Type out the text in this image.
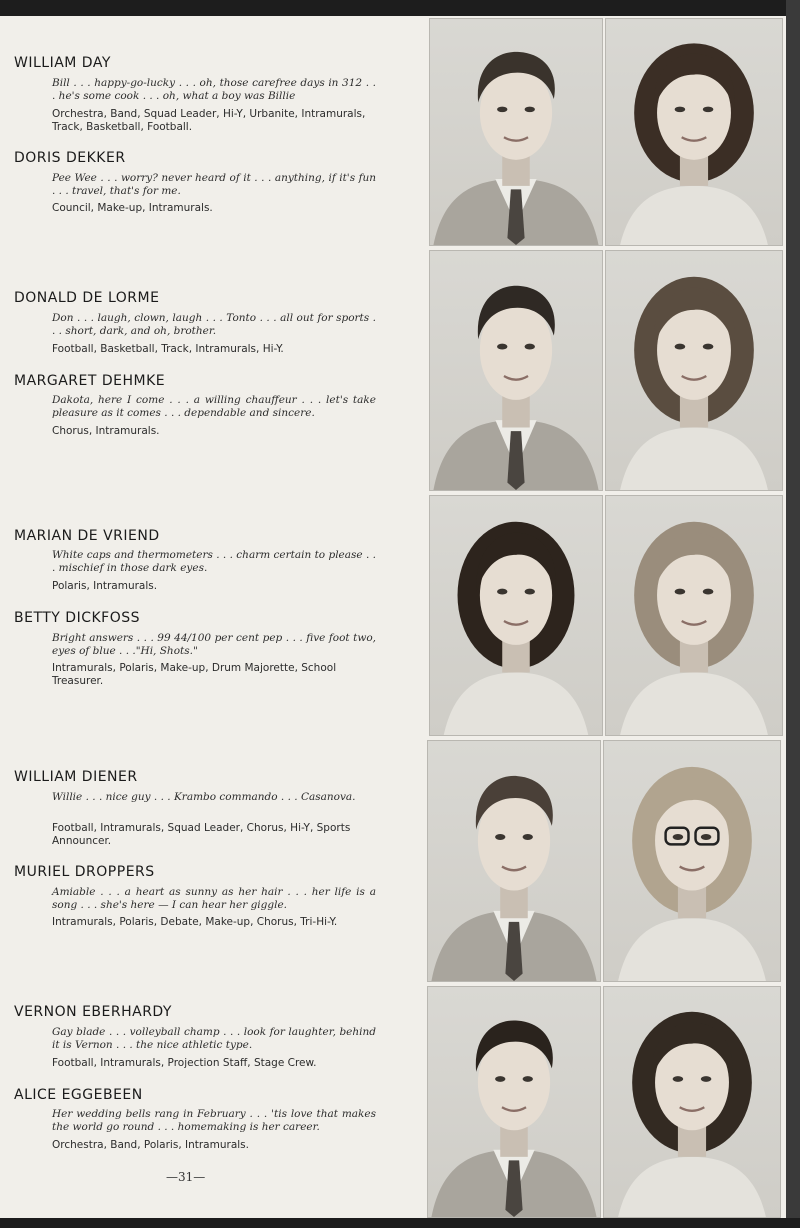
WILLIAM DAY
Bill . . . happy-go-lucky . . . oh, those carefree days in 312 . . . he's some cook . . . oh, what a boy was Billie
Orchestra, Band, Squad Leader, Hi-Y, Urbanite, Intramurals, Track, Basketball, Football.
DORIS DEKKER
Pee Wee . . . worry? never heard of it . . . anything, if it's fun . . . travel, that's for me.
Council, Make-up, Intramurals.
DONALD DE LORME
Don . . . laugh, clown, laugh . . . Tonto . . . all out for sports . . . short, dark, and oh, brother.
Football, Basketball, Track, Intramurals, Hi-Y.
MARGARET DEHMKE
Dakota, here I come . . . a willing chauffeur . . . let's take pleasure as it comes . . . dependable and sincere.
Chorus, Intramurals.
MARIAN DE VRIEND
White caps and thermometers . . . charm certain to please . . . mischief in those dark eyes.
Polaris, Intramurals.
BETTY DICKFOSS
Bright answers . . . 99 44/100 per cent pep . . . five foot two, eyes of blue . . ."Hi, Shots."
Intramurals, Polaris, Make-up, Drum Majorette, School Treasurer.
WILLIAM DIENER
Willie . . . nice guy . . . Krambo commando . . . Casanova.
Football, Intramurals, Squad Leader, Chorus, Hi-Y, Sports Announcer.
MURIEL DROPPERS
Amiable . . . a heart as sunny as her hair . . . her life is a song . . . she's here — I can hear her giggle.
Intramurals, Polaris, Debate, Make-up, Chorus, Tri-Hi-Y.
VERNON EBERHARDY
Gay blade . . . volleyball champ . . . look for laughter, behind it is Vernon . . . the nice athletic type.
Football, Intramurals, Projection Staff, Stage Crew.
ALICE EGGEBEEN
Her wedding bells rang in February . . . 'tis love that makes the world go round . . . homemaking is her career.
Orchestra, Band, Polaris, Intramurals.
—31—
